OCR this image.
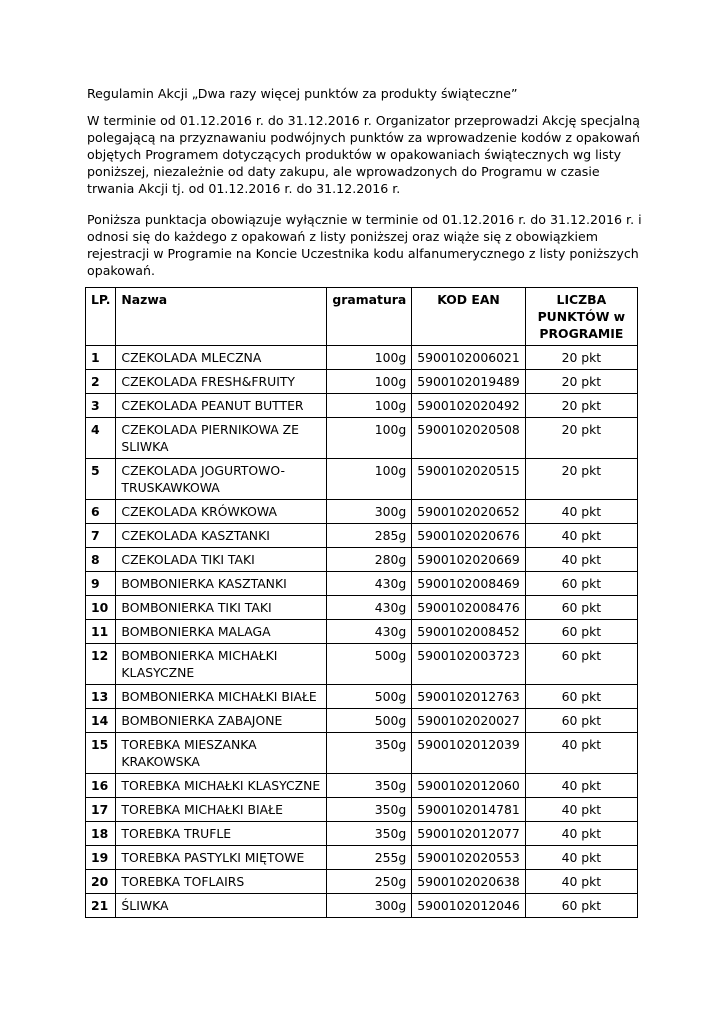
Regulamin Akcji „Dwa razy więcej punktów za produkty świąteczne”

W terminie od 01.12.2016 r. do 31.12.2016 r. Organizator przeprowadzi Akcję specjalną polegającą na przyznawaniu podwójnych punktów za wprowadzenie kodów z opakowań objętych Programem dotyczących produktów w opakowaniach świątecznych wg listy poniższej, niezależnie od daty zakupu, ale wprowadzonych do Programu w czasie trwania Akcji tj. od 01.12.2016 r. do 31.12.2016 r.

Poniższa punktacja obowiązuje wyłącznie w terminie od 01.12.2016 r. do 31.12.2016 r. i odnosi się do każdego z opakowań z listy poniższej oraz wiąże się z obowiązkiem rejestracji w Programie na Koncie Uczestnika kodu alfanumerycznego z listy poniższych opakowań.

LP.	Nazwa	gramatura	KOD EAN	LICZBA PUNKTÓW w PROGRAMIE
1	CZEKOLADA MLECZNA	100g	5900102006021	20 pkt
2	CZEKOLADA FRESH&FRUITY	100g	5900102019489	20 pkt
3	CZEKOLADA PEANUT BUTTER	100g	5900102020492	20 pkt
4	CZEKOLADA PIERNIKOWA ZE SLIWKA	100g	5900102020508	20 pkt
5	CZEKOLADA JOGURTOWO-TRUSKAWKOWA	100g	5900102020515	20 pkt
6	CZEKOLADA KRÓWKOWA	300g	5900102020652	40 pkt
7	CZEKOLADA KASZTANKI	285g	5900102020676	40 pkt
8	CZEKOLADA TIKI TAKI	280g	5900102020669	40 pkt
9	BOMBONIERKA KASZTANKI	430g	5900102008469	60 pkt
10	BOMBONIERKA TIKI TAKI	430g	5900102008476	60 pkt
11	BOMBONIERKA MALAGA	430g	5900102008452	60 pkt
12	BOMBONIERKA MICHAŁKI KLASYCZNE	500g	5900102003723	60 pkt
13	BOMBONIERKA MICHAŁKI BIAŁE	500g	5900102012763	60 pkt
14	BOMBONIERKA ZABAJONE	500g	5900102020027	60 pkt
15	TOREBKA MIESZANKA KRAKOWSKA	350g	5900102012039	40 pkt
16	TOREBKA MICHAŁKI KLASYCZNE	350g	5900102012060	40 pkt
17	TOREBKA MICHAŁKI BIAŁE	350g	5900102014781	40 pkt
18	TOREBKA TRUFLE	350g	5900102012077	40 pkt
19	TOREBKA PASTYLKI MIĘTOWE	255g	5900102020553	40 pkt
20	TOREBKA TOFLAIRS	250g	5900102020638	40 pkt
21	ŚLIWKA	300g	5900102012046	60 pkt
